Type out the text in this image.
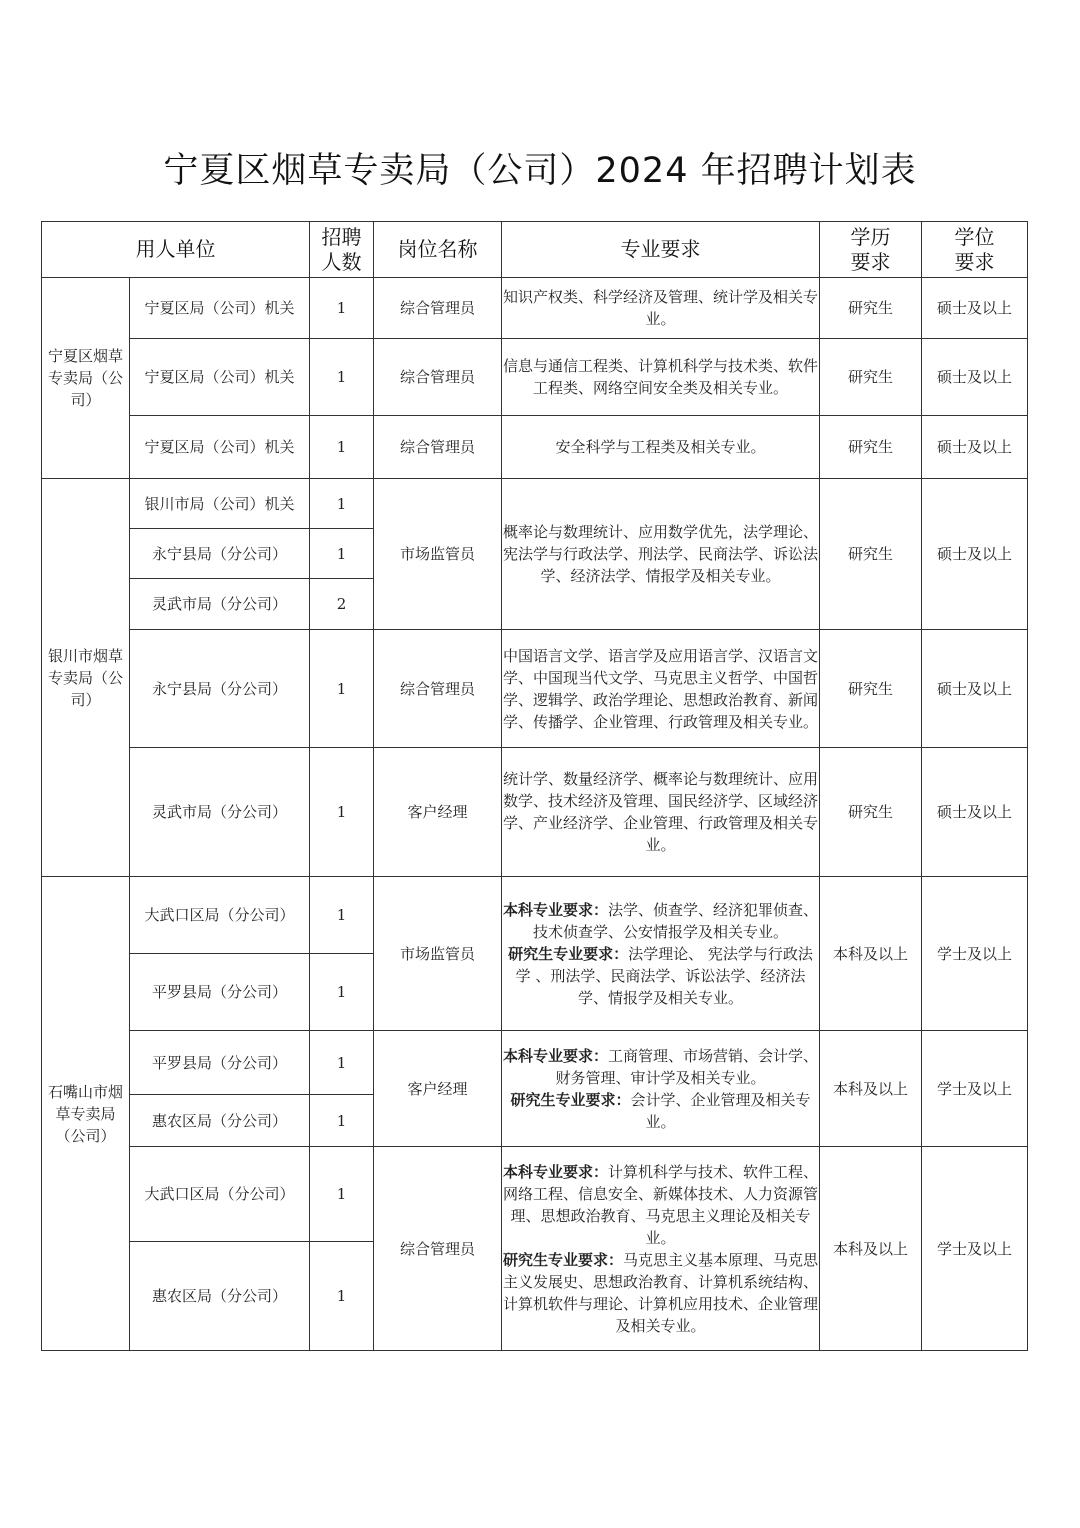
宁夏区烟草专卖局（公司）2024 年招聘计划表
用人单位		招聘人数	岗位名称	专业要求	学历要求	学位要求

宁夏区烟草专卖局（公司）	宁夏区局（公司）机关	1	综合管理员	知识产权类、科学经济及管理、统计学及相关专业。	研究生	硕士及以上
	宁夏区局（公司）机关	1	综合管理员	信息与通信工程类、计算机科学与技术类、软件工程类、网络空间安全类及相关专业。	研究生	硕士及以上
	宁夏区局（公司）机关	1	综合管理员	安全科学与工程类及相关专业。	研究生	硕士及以上
银川市烟草专卖局（公司）	银川市局（公司）机关	1	市场监管员	概率论与数理统计、应用数学优先，法学理论、宪法学与行政法学、刑法学、民商法学、诉讼法学、经济法学、情报学及相关专业。	研究生	硕士及以上
	永宁县局（分公司）	1				
	灵武市局（分公司）	2				
	永宁县局（分公司）	1	综合管理员	中国语言文学、语言学及应用语言学、汉语言文学、中国现当代文学、马克思主义哲学、中国哲学、逻辑学、政治学理论、思想政治教育、新闻学、传播学、企业管理、行政管理及相关专业。	研究生	硕士及以上
	灵武市局（分公司）	1	客户经理	统计学、数量经济学、概率论与数理统计、应用数学、技术经济及管理、国民经济学、区域经济学、产业经济学、企业管理、行政管理及相关专业。	研究生	硕士及以上
石嘴山市烟草专卖局（公司）	大武口区局（分公司）	1	市场监管员	本科专业要求：法学、侦查学、经济犯罪侦查、技术侦查学、公安情报学及相关专业。
研究生专业要求：法学理论、 宪法学与行政法学 、刑法学、民商法学、诉讼法学、经济法学、情报学及相关专业。	本科及以上	学士及以上
	平罗县局（分公司）	1				
	平罗县局（分公司）	1	客户经理	本科专业要求：工商管理、市场营销、会计学、财务管理、审计学及相关专业。
研究生专业要求：会计学、企业管理及相关专业。	本科及以上	学士及以上
	惠农区局（分公司）	1				
	大武口区局（分公司）	1	综合管理员	本科专业要求：计算机科学与技术、软件工程、网络工程、信息安全、新媒体技术、人力资源管理、思想政治教育、马克思主义理论及相关专业。
研究生专业要求：马克思主义基本原理、马克思主义发展史、思想政治教育、计算机系统结构、计算机软件与理论、计算机应用技术、企业管理及相关专业。	本科及以上	学士及以上
	惠农区局（分公司）	1				
